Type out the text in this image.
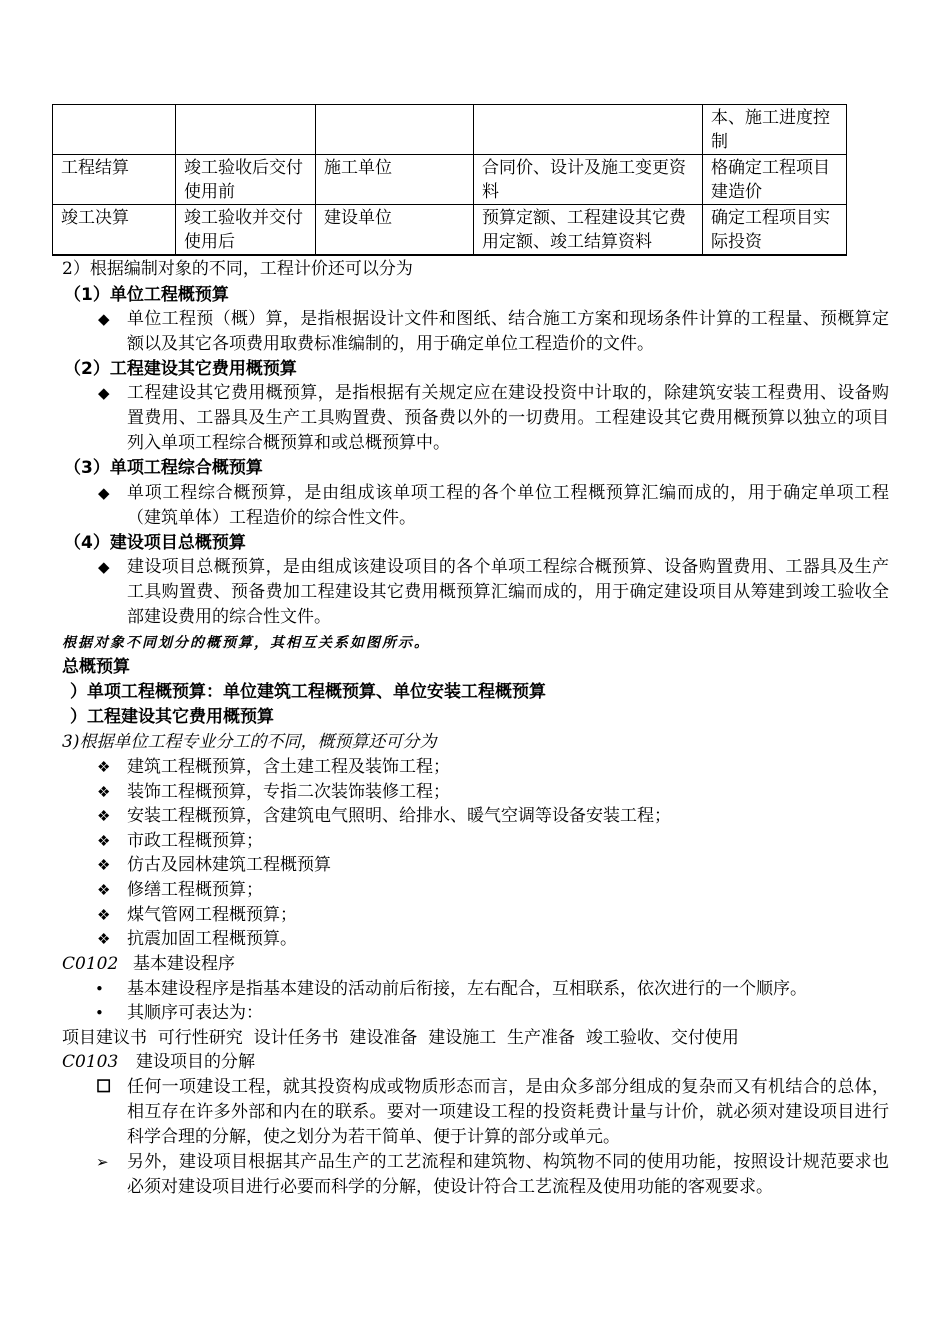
				本、施工进度控制
工程结算	竣工验收后交付使用前	施工单位	合同价、设计及施工变更资料	格确定工程项目建造价
竣工决算	竣工验收并交付使用后	建设单位	预算定额、工程建设其它费用定额、竣工结算资料	确定工程项目实际投资
2）根据编制对象的不同，工程计价还可以分为
（1）单位工程概预算
◆ 单位工程预（概）算，是指根据设计文件和图纸、结合施工方案和现场条件计算的工程量、预概算定额以及其它各项费用取费标准编制的，用于确定单位工程造价的文件。
（2）工程建设其它费用概预算
◆ 工程建设其它费用概预算，是指根据有关规定应在建设投资中计取的，除建筑安装工程费用、设备购置费用、工器具及生产工具购置费、预备费以外的一切费用。工程建设其它费用概预算以独立的项目列入单项工程综合概预算和或总概预算中。
（3）单项工程综合概预算
◆ 单项工程综合概预算，是由组成该单项工程的各个单位工程概预算汇编而成的，用于确定单项工程（建筑单体）工程造价的综合性文件。
（4）建设项目总概预算
◆ 建设项目总概预算，是由组成该建设项目的各个单项工程综合概预算、设备购置费用、工器具及生产工具购置费、预备费加工程建设其它费用概预算汇编而成的，用于确定建设项目从筹建到竣工验收全部建设费用的综合性文件。
根据对象不同划分的概预算，其相互关系如图所示。
总概预算
）单项工程概预算：单位建筑工程概预算、单位安装工程概预算
）工程建设其它费用概预算
3)根据单位工程专业分工的不同，概预算还可分为
❖ 建筑工程概预算，含土建工程及装饰工程；
❖ 装饰工程概预算，专指二次装饰装修工程；
❖ 安装工程概预算，含建筑电气照明、给排水、暖气空调等设备安装工程；
❖ 市政工程概预算；
❖ 仿古及园林建筑工程概预算
❖ 修缮工程概预算；
❖ 煤气管网工程概预算；
❖ 抗震加固工程概预算。
C0102 基本建设程序
• 基本建设程序是指基本建设的活动前后衔接，左右配合，互相联系，依次进行的一个顺序。
• 其顺序可表达为：
项目建议书  可行性研究  设计任务书  建设准备  建设施工  生产准备  竣工验收、交付使用
C0103 建设项目的分解
☐ 任何一项建设工程，就其投资构成或物质形态而言，是由众多部分组成的复杂而又有机结合的总体，相互存在许多外部和内在的联系。要对一项建设工程的投资耗费计量与计价，就必须对建设项目进行科学合理的分解，使之划分为若干简单、便于计算的部分或单元。
➢ 另外，建设项目根据其产品生产的工艺流程和建筑物、构筑物不同的使用功能，按照设计规范要求也必须对建设项目进行必要而科学的分解，使设计符合工艺流程及使用功能的客观要求。
